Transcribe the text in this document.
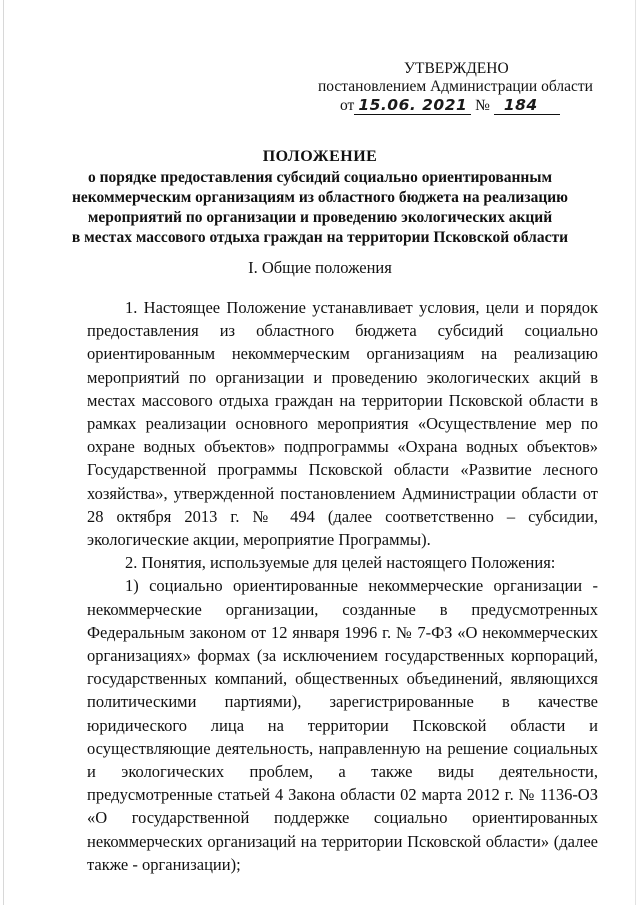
УТВЕРЖДЕНО
постановлением Администрации области
от 15.06. 2021 № 184
ПОЛОЖЕНИЕ
о порядке предоставления субсидий социально ориентированным
некоммерческим организациям из областного бюджета на реализацию
мероприятий по организации и проведению экологических акций
в местах массового отдыха граждан на территории Псковской области
I. Общие положения

1. Настоящее Положение устанавливает условия, цели и порядок предоставления из областного бюджета субсидий социально ориентированным некоммерческим организациям на реализацию мероприятий по организации и проведению экологических акций в местах массового отдыха граждан на территории Псковской области в рамках реализации основного мероприятия «Осуществление мер по охране водных объектов» подпрограммы «Охрана водных объектов» Государственной программы Псковской области «Развитие лесного хозяйства», утвержденной постановлением Администрации области от 28 октября 2013 г. № 494 (далее соответственно – субсидии, экологические акции, мероприятие Программы).

2. Понятия, используемые для целей настоящего Положения:

1) социально ориентированные некоммерческие организации - некоммерческие организации, созданные в предусмотренных Федеральным законом от 12 января 1996 г. № 7-ФЗ «О некоммерческих организациях» формах (за исключением государственных корпораций, государственных компаний, общественных объединений, являющихся политическими партиями), зарегистрированные в качестве юридического лица на территории Псковской области и осуществляющие деятельность, направленную на решение социальных и экологических проблем, а также виды деятельности, предусмотренные статьей 4 Закона области 02 марта 2012 г. № 1136-ОЗ «О государственной поддержке социально ориентированных некоммерческих организаций на территории Псковской области» (далее также - организации);
